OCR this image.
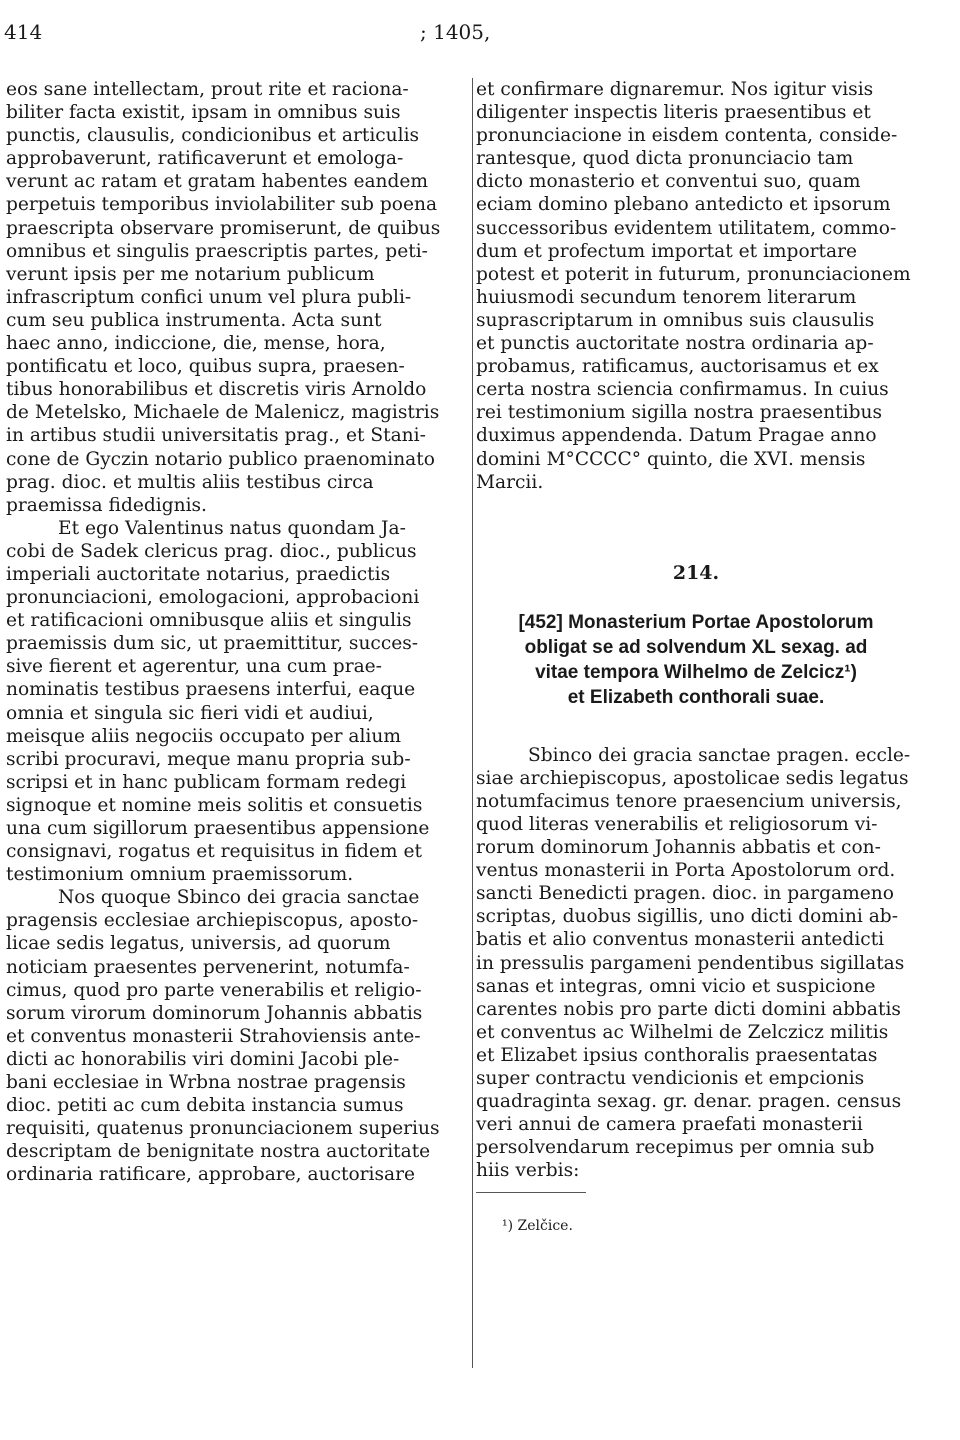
414	; 1405,
eos sane intellectam, prout rite et raciona-
biliter facta existit, ipsam in omnibus suis
punctis, clausulis, condicionibus et articulis
approbaverunt, ratificaverunt et emologa-
verunt ac ratam et gratam habentes eandem
perpetuis temporibus inviolabiliter sub poena
praescripta observare promiserunt, de quibus
omnibus et singulis praescriptis partes, peti-
verunt ipsis per me notarium publicum
infrascriptum confici unum vel plura publi-
cum seu publica instrumenta. Acta sunt
haec anno, indiccione, die, mense, hora,
pontificatu et loco, quibus supra, praesen-
tibus honorabilibus et discretis viris Arnoldo
de Metelsko, Michaele de Malenicz, magistris
in artibus studii universitatis prag., et Stani-
cone de Gyczin notario publico praenominato
prag. dioc. et multis aliis testibus circa
praemissa fidedignis.
Et ego Valentinus natus quondam Ja-
cobi de Sadek clericus prag. dioc., publicus
imperiali auctoritate notarius, praedictis
pronunciacioni, emologacioni, approbacioni
et ratificacioni omnibusque aliis et singulis
praemissis dum sic, ut praemittitur, succes-
sive fierent et agerentur, una cum prae-
nominatis testibus praesens interfui, eaque
omnia et singula sic fieri vidi et audiui,
meisque aliis negociis occupato per alium
scribi procuravi, meque manu propria sub-
scripsi et in hanc publicam formam redegi
signoque et nomine meis solitis et consuetis
una cum sigillorum praesentibus appensione
consignavi, rogatus et requisitus in fidem et
testimonium omnium praemissorum.
Nos quoque Sbinco dei gracia sanctae
pragensis ecclesiae archiepiscopus, aposto-
licae sedis legatus, universis, ad quorum
noticiam praesentes pervenerint, notumfa-
cimus, quod pro parte venerabilis et religio-
sorum virorum dominorum Johannis abbatis
et conventus monasterii Strahoviensis ante-
dicti ac honorabilis viri domini Jacobi ple-
bani ecclesiae in Wrbna nostrae pragensis
dioc. petiti ac cum debita instancia sumus
requisiti, quatenus pronunciacionem superius
descriptam de benignitate nostra auctoritate
ordinaria ratificare, approbare, auctorisare
et confirmare dignaremur. Nos igitur visis
diligenter inspectis literis praesentibus et
pronunciacione in eisdem contenta, conside-
rantesque, quod dicta pronunciacio tam
dicto monasterio et conventui suo, quam
eciam domino plebano antedicto et ipsorum
successoribus evidentem utilitatem, commo-
dum et profectum importat et importare
potest et poterit in futurum, pronunciacionem
huiusmodi secundum tenorem literarum
suprascriptarum in omnibus suis clausulis
et punctis auctoritate nostra ordinaria ap-
probamus, ratificamus, auctorisamus et ex
certa nostra sciencia confirmamus. In cuius
rei testimonium sigilla nostra praesentibus
duximus appendenda. Datum Pragae anno
domini M°CCCC° quinto, die XVI. mensis
Marcii.
214.
[452] Monasterium Portae Apostolorum
obligat se ad solvendum XL sexag. ad
vitae tempora Wilhelmo de Zelcicz¹)
et Elizabeth conthorali suae.
Sbinco dei gracia sanctae pragen. eccle-
siae archiepiscopus, apostolicae sedis legatus
notumfacimus tenore praesencium universis,
quod literas venerabilis et religiosorum vi-
rorum dominorum Johannis abbatis et con-
ventus monasterii in Porta Apostolorum ord.
sancti Benedicti pragen. dioc. in pargameno
scriptas, duobus sigillis, uno dicti domini ab-
batis et alio conventus monasterii antedicti
in pressulis pargameni pendentibus sigillatas
sanas et integras, omni vicio et suspicione
carentes nobis pro parte dicti domini abbatis
et conventus ac Wilhelmi de Zelczicz militis
et Elizabet ipsius conthoralis praesentatas
super contractu vendicionis et empcionis
quadraginta sexag. gr. denar. pragen. census
veri annui de camera praefati monasterii
persolvendarum recepimus per omnia sub
hiis verbis:
¹) Zelčice.
